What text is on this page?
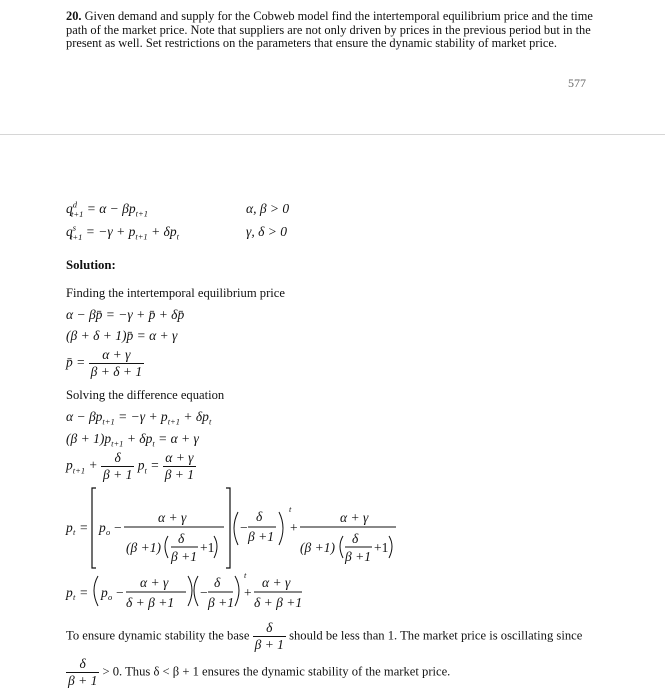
20. Given demand and supply for the Cobweb model find the intertemporal equilibrium price and the time path of the market price. Note that suppliers are not only driven by prices in the previous period but in the present as well. Set restrictions on the parameters that ensure the dynamic stability of market price.
577
$q^d_{t+1} = \alpha - \beta p_{t+1}$	α, β > 0
$q^s_{t+1} = -\gamma + p_{t+1} + \delta p_t$	γ, δ > 0
Solution:
Finding the intertemporal equilibrium price
α − βp̄ = −γ + p̄ + δp̄
(β + δ + 1)p̄ = α + γ
p̄ = $\frac{\alpha + \gamma}{\beta + \delta + 1}$
Solving the difference equation
$\alpha - \beta p_{t+1} = -\gamma + p_{t+1} + \delta p_t$
$(\beta + 1)p_{t+1} + \delta p_t = \alpha + \gamma$
$p_{t+1} + \frac{\delta}{\beta + 1} p_t = \frac{\alpha + \gamma}{\beta + 1}$
p t = p o −
α + γ
(β +1)
δ
β +1
+1
−
δ
β +1
t
+
α + γ
(β +1)
δ
β +1
+1
p t = p o −
α + γ
δ + β +1
−
δ
β +1
t
+
α + γ
δ + β +1
To ensure dynamic stability the base $\frac{\delta}{\beta + 1}$ should be less than 1. The market price is oscillating since
$\frac{\delta}{\beta + 1} > 0$. Thus δ < β + 1 ensures the dynamic stability of the market price.
